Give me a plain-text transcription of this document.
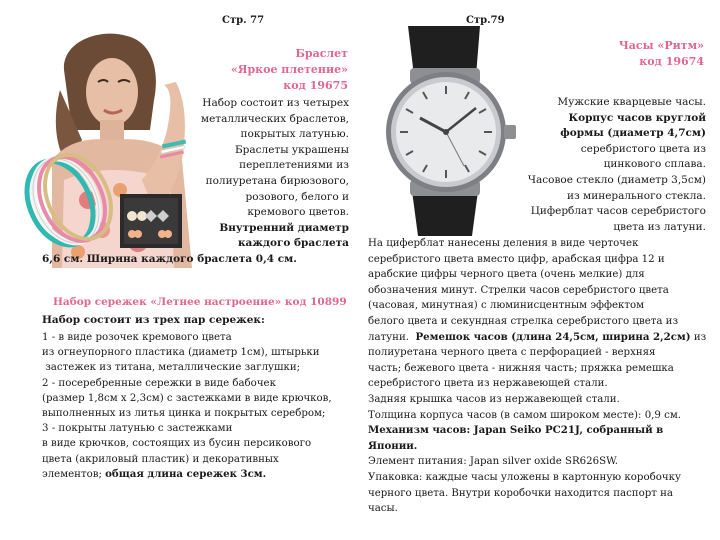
Стр. 77
Браслет
«Яркое плетение»
код 19675
Набор состоит из четырех
металлических браслетов,
покрытых латунью.
Браслеты украшены
переплетениями из
полиуретана бирюзового,
розового, белого и
кремового цветов.
Внутренний диаметр
каждого браслета
6,6 см. Ширина каждого браслета 0,4 см.
Набор сережек «Летнее настроение» код 10899
Набор состоит из трех пар сережек:
1 - в виде розочек кремового цвета
из огнеупорного пластика (диаметр 1см), штырьки
застежек из титана, металлические заглушки;
2 - посеребренные сережки в виде бабочек
(размер 1,8см х 2,3см) с застежками в виде крючков,
выполненных из литья цинка и покрытых серебром;
3 - покрыты латунью с застежками
в виде крючков, состоящих из бусин персикового
цвета (акриловый пластик) и декоративных
элементов; общая длина сережек 3см.
Стр.79
Часы «Ритм»
код 19674
Мужские кварцевые часы.
Корпус часов круглой
формы (диаметр 4,7см)
серебристого цвета из
цинкового сплава.
Часовое стекло (диаметр 3,5см)
из минерального стекла.
Циферблат часов серебристого
цвета из латуни.
На циферблат нанесены деления в виде черточек
серебристого цвета вместо цифр, арабская цифра 12 и
арабские цифры черного цвета (очень мелкие) для
обозначения минут. Стрелки часов серебристого цвета
(часовая, минутная) с люминисцентным эффектом
белого цвета и секундная стрелка серебристого цвета из
латуни.  Ремешок часов (длина 24,5см, ширина 2,2см) из
полиуретана черного цвета с перфорацией - верхняя
часть; бежевого цвета - нижняя часть; пряжка ремешка
серебристого цвета из нержавеющей стали.
Задняя крышка часов из нержавеющей стали.
Толщина корпуса часов (в самом широком месте): 0,9 см.
Механизм часов: Japan Seiko PC21J, собранный в
Японии.
Элемент питания: Japan silver oxide SR626SW.
Упаковка: каждые часы уложены в картонную коробочку
черного цвета. Внутри коробочки находится паспорт на
часы.
